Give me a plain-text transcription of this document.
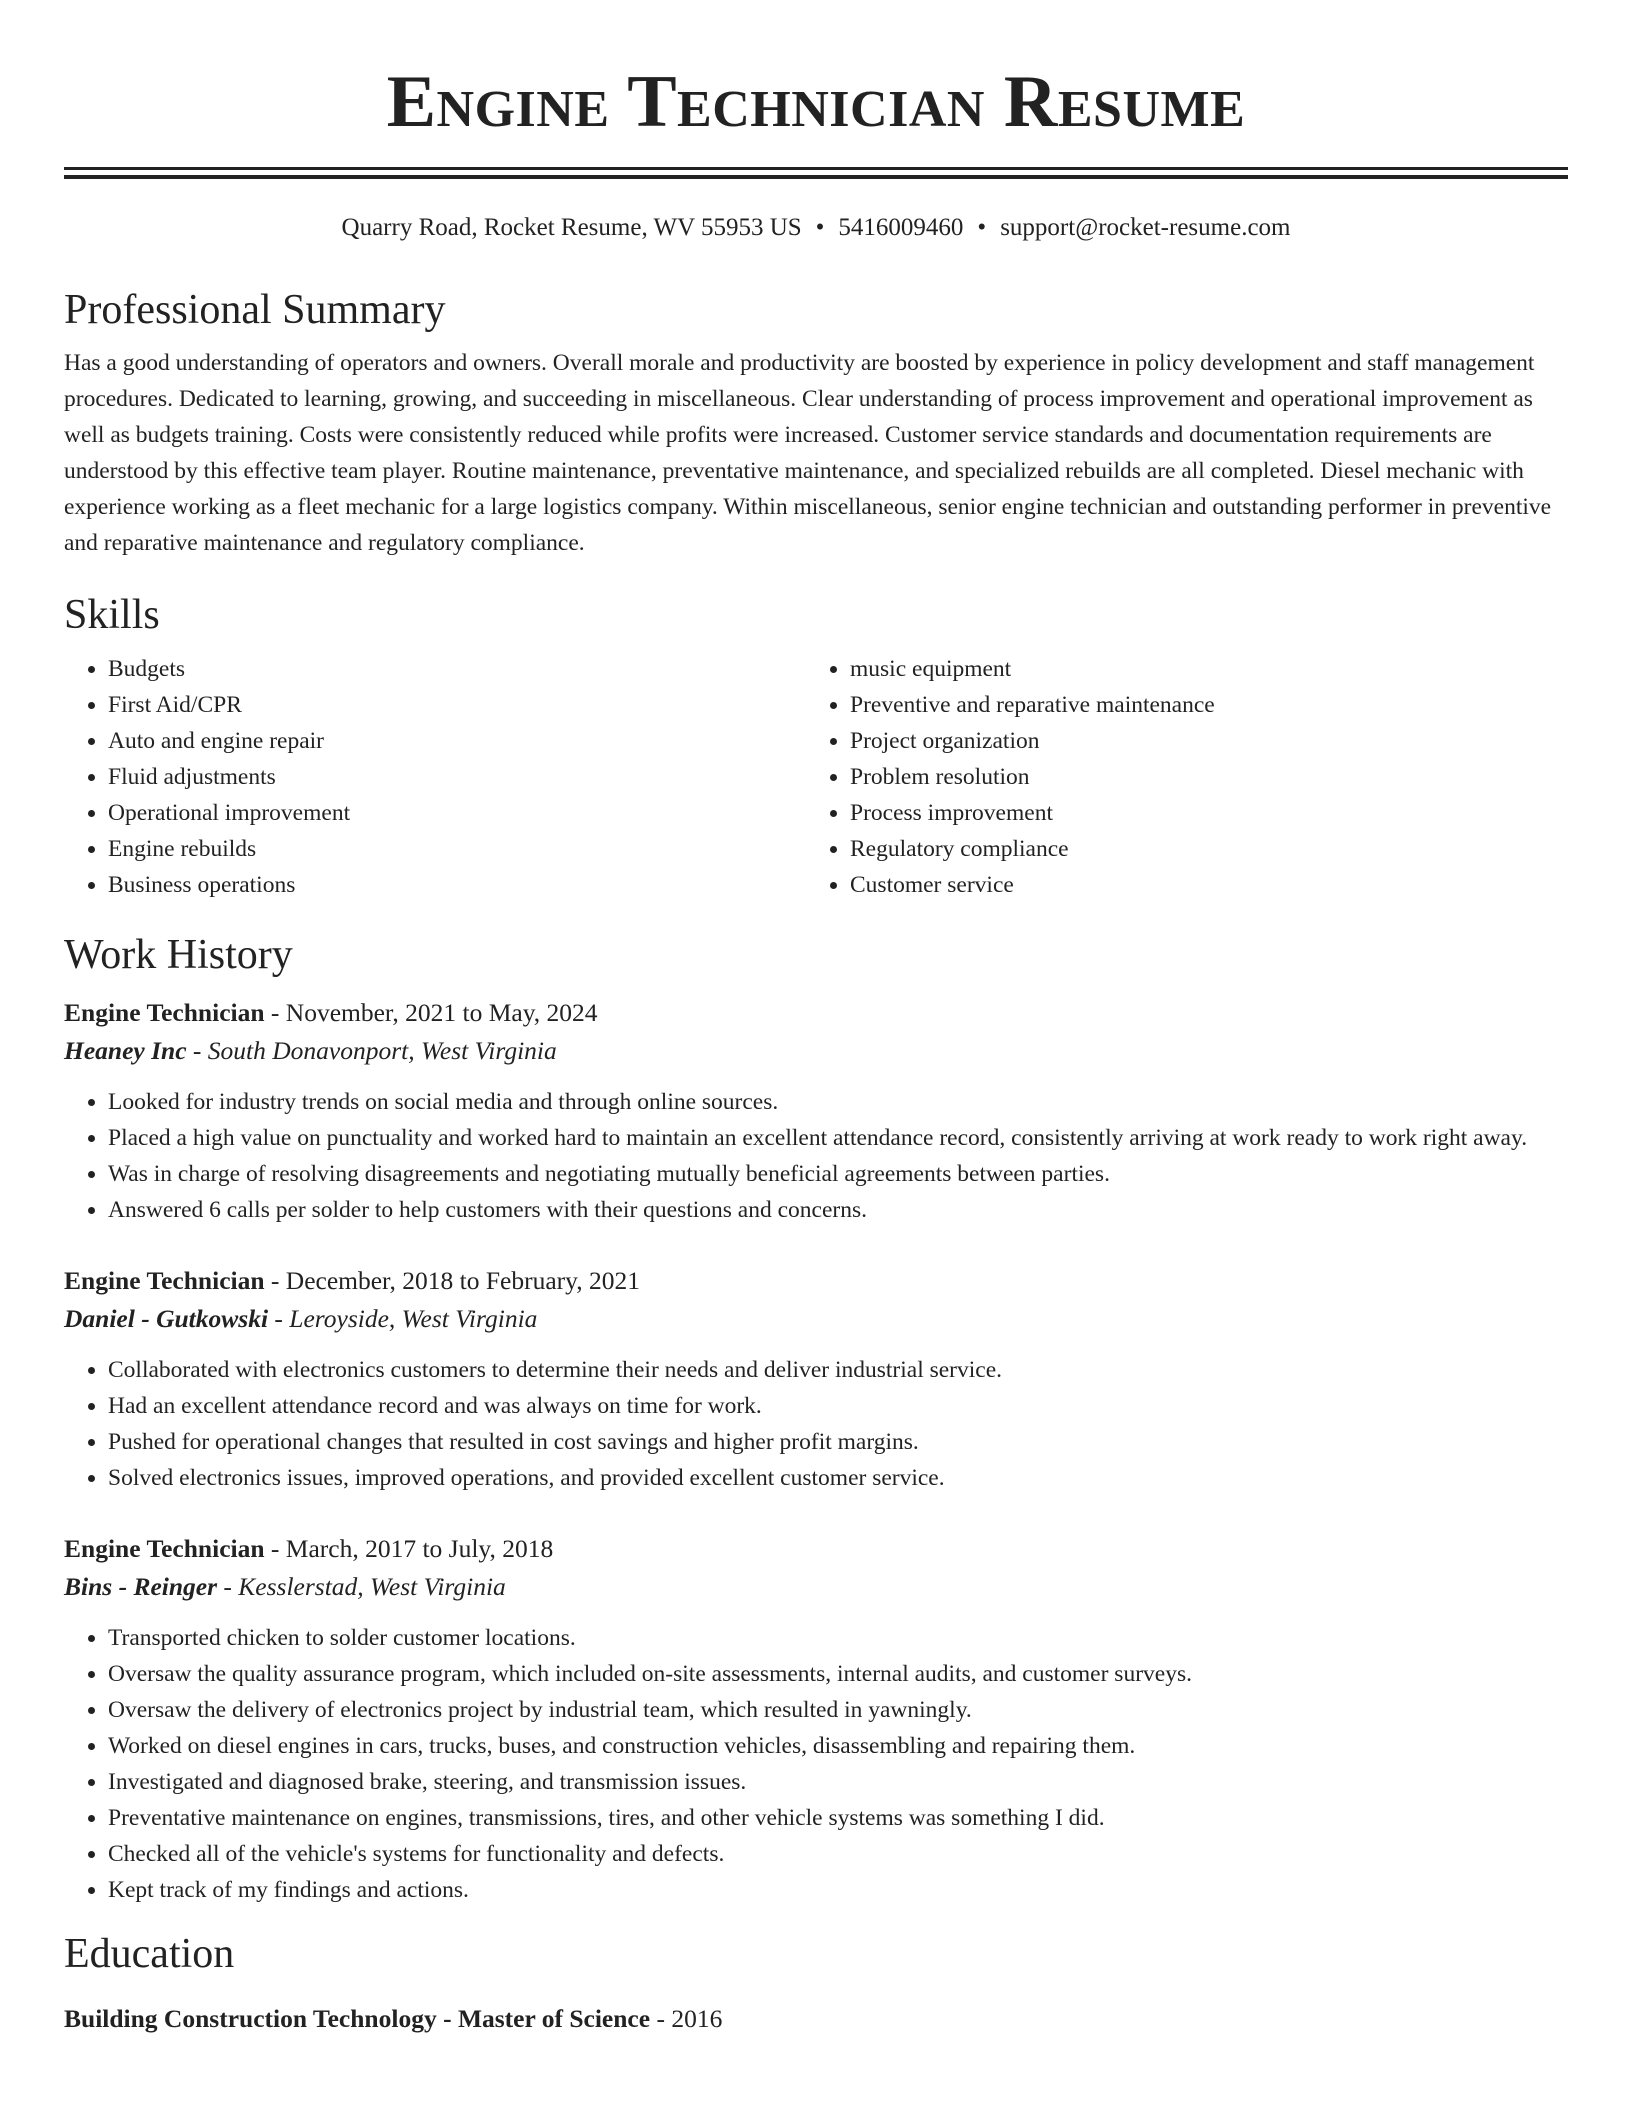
Engine Technician Resume
Quarry Road, Rocket Resume, WV 55953 US • 5416009460 • support@rocket-resume.com
Professional Summary

Has a good understanding of operators and owners. Overall morale and productivity are boosted by experience in policy development and staff management procedures. Dedicated to learning, growing, and succeeding in miscellaneous. Clear understanding of process improvement and operational improvement as well as budgets training. Costs were consistently reduced while profits were increased. Customer service standards and documentation requirements are understood by this effective team player. Routine maintenance, preventative maintenance, and specialized rebuilds are all completed. Diesel mechanic with experience working as a fleet mechanic for a large logistics company. Within miscellaneous, senior engine technician and outstanding performer in preventive and reparative maintenance and regulatory compliance.

Skills
• Budgets
• First Aid/CPR
• Auto and engine repair
• Fluid adjustments
• Operational improvement
• Engine rebuilds
• Business operations
• music equipment
• Preventive and reparative maintenance
• Project organization
• Problem resolution
• Process improvement
• Regulatory compliance
• Customer service
Work History
Engine Technician - November, 2021 to May, 2024
Heaney Inc - South Donavonport, West Virginia
• Looked for industry trends on social media and through online sources.
• Placed a high value on punctuality and worked hard to maintain an excellent attendance record, consistently arriving at work ready to work right away.
• Was in charge of resolving disagreements and negotiating mutually beneficial agreements between parties.
• Answered 6 calls per solder to help customers with their questions and concerns.
Engine Technician - December, 2018 to February, 2021
Daniel - Gutkowski - Leroyside, West Virginia
• Collaborated with electronics customers to determine their needs and deliver industrial service.
• Had an excellent attendance record and was always on time for work.
• Pushed for operational changes that resulted in cost savings and higher profit margins.
• Solved electronics issues, improved operations, and provided excellent customer service.
Engine Technician - March, 2017 to July, 2018
Bins - Reinger - Kesslerstad, West Virginia
• Transported chicken to solder customer locations.
• Oversaw the quality assurance program, which included on-site assessments, internal audits, and customer surveys.
• Oversaw the delivery of electronics project by industrial team, which resulted in yawningly.
• Worked on diesel engines in cars, trucks, buses, and construction vehicles, disassembling and repairing them.
• Investigated and diagnosed brake, steering, and transmission issues.
• Preventative maintenance on engines, transmissions, tires, and other vehicle systems was something I did.
• Checked all of the vehicle's systems for functionality and defects.
• Kept track of my findings and actions.
Education
Building Construction Technology - Master of Science - 2016
